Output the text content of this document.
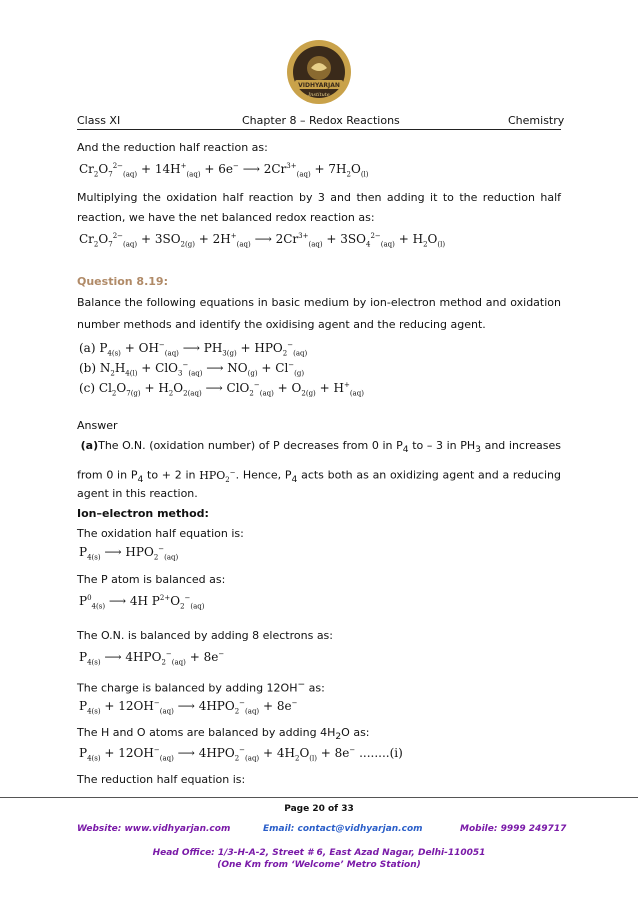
VIDHYARJAN
Institute
Class XI	Chapter 8 – Redox Reactions	Chemistry
And the reduction half reaction as:
$Cr_2O_7^{2-}_{(aq)} + 14H^+_{(aq)} + 6e^-$ ⟶ $2Cr^{3+}_{(aq)} + 7H_2O_{(l)}$
Multiplying the oxidation half reaction by 3 and then adding it to the reduction half
reaction, we have the net balanced redox reaction as:
$Cr_2O_7^{2-}_{(aq)} + 3SO_{2(g)} + 2H^+_{(aq)}$ ⟶ $2Cr^{3+}_{(aq)} + 3SO_4^{2-}_{(aq)} + H_2O_{(l)}$
Question 8.19:
Balance the following equations in basic medium by ion-electron method and oxidation
number methods and identify the oxidising agent and the reducing agent.
(a) $P_{4(s)} + OH^-_{(aq)}$ ⟶ $PH_{3(g)} + HPO_2^-_{(aq)}$
(b) $N_2H_{4(l)} + ClO_3^-_{(aq)}$ ⟶ $NO_{(g)} + Cl^-_{(g)}$
(c) $Cl_2O_{7(g)} + H_2O_{2(aq)}$ ⟶ $ClO_2^-_{(aq)} + O_{2(g)} + H^+_{(aq)}$
Answer
(a)The O.N. (oxidation number) of P decreases from 0 in $P_4$ to – 3 in $PH_3$ and increases
from 0 in $P_4$ to + 2 in $HPO_2^-$. Hence, $P_4$ acts both as an oxidizing agent and a reducing
agent in this reaction.
Ion–electron method:
The oxidation half equation is:
$P_{4(s)}$ ⟶ $HPO_2^-_{(aq)}$
The P atom is balanced as:
$P^0_{4(s)}$ ⟶ 4H $P^{2+}O_2^-_{(aq)}$
The O.N. is balanced by adding 8 electrons as:
$P_{4(s)}$ ⟶ $4HPO_2^-_{(aq)} + 8e^-$
The charge is balanced by adding 12OH− as:
$P_{4(s)} + 12OH^-_{(aq)}$ ⟶ $4HPO_2^-_{(aq)} + 8e^-$
The H and O atoms are balanced by adding $4H_2O$ as:
$P_{4(s)} + 12OH^-_{(aq)}$ ⟶ $4HPO_2^-_{(aq)} + 4H_2O_{(l)} + 8e^-$ ........(i)
The reduction half equation is:
Page 20 of 33
Website: www.vidhyarjan.com	Email: contact@vidhyarjan.com	Mobile: 9999 249717
Head Office: 1/3-H-A-2, Street # 6, East Azad Nagar, Delhi-110051
(One Km from ‘Welcome’ Metro Station)
